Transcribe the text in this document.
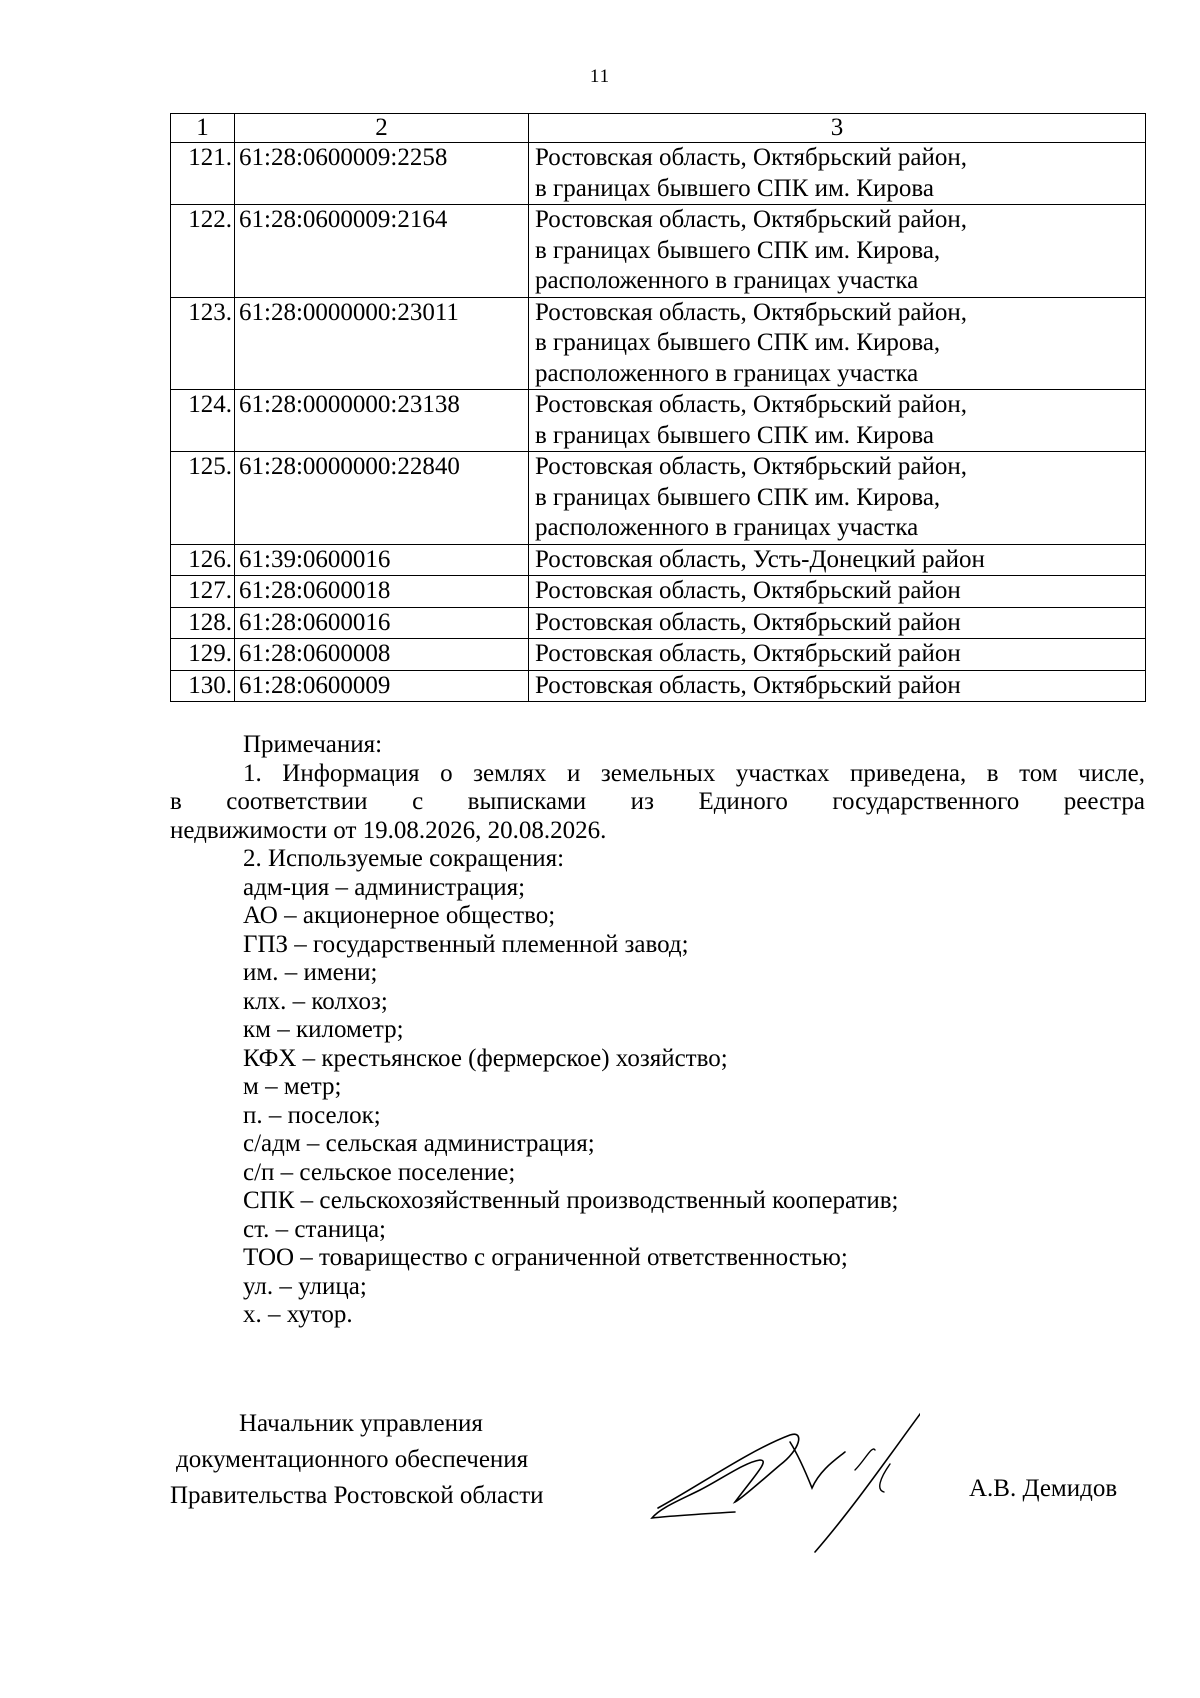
11
1	2	3
121.	61:28:0600009:2258	Ростовская область, Октябрьский район,
в границах бывшего СПК им. Кирова

122.	61:28:0600009:2164	Ростовская область, Октябрьский район,
в границах бывшего СПК им. Кирова,
расположенного в границах участка

123.	61:28:0000000:23011	Ростовская область, Октябрьский район,
в границах бывшего СПК им. Кирова,
расположенного в границах участка

124.	61:28:0000000:23138	Ростовская область, Октябрьский район,
в границах бывшего СПК им. Кирова

125.	61:28:0000000:22840	Ростовская область, Октябрьский район,
в границах бывшего СПК им. Кирова,
расположенного в границах участка

126.	61:39:0600016	Ростовская область, Усть-Донецкий район

127.	61:28:0600018	Ростовская область, Октябрьский район

128.	61:28:0600016	Ростовская область, Октябрьский район

129.	61:28:0600008	Ростовская область, Октябрьский район

130.	61:28:0600009	Ростовская область, Октябрьский район

Примечания:

1. Информация о землях и земельных участках приведена, в том числе,

в соответствии с выписками из Единого государственного реестра

недвижимости от 19.08.2026, 20.08.2026.

2. Используемые сокращения:

адм-ция – администрация;

АО – акционерное общество;

ГПЗ – государственный племенной завод;

им. – имени;

клх. – колхоз;

км – километр;

КФХ – крестьянское (фермерское) хозяйство;

м – метр;

п. – поселок;

с/адм – сельская администрация;

с/п – сельское поселение;

СПК – сельскохозяйственный производственный кооператив;

ст. – станица;

ТОО – товарищество с ограниченной ответственностью;

ул. – улица;

х. – хутор.

Начальник управления
документационного обеспечения
Правительства Ростовской области	А.В. Демидов
